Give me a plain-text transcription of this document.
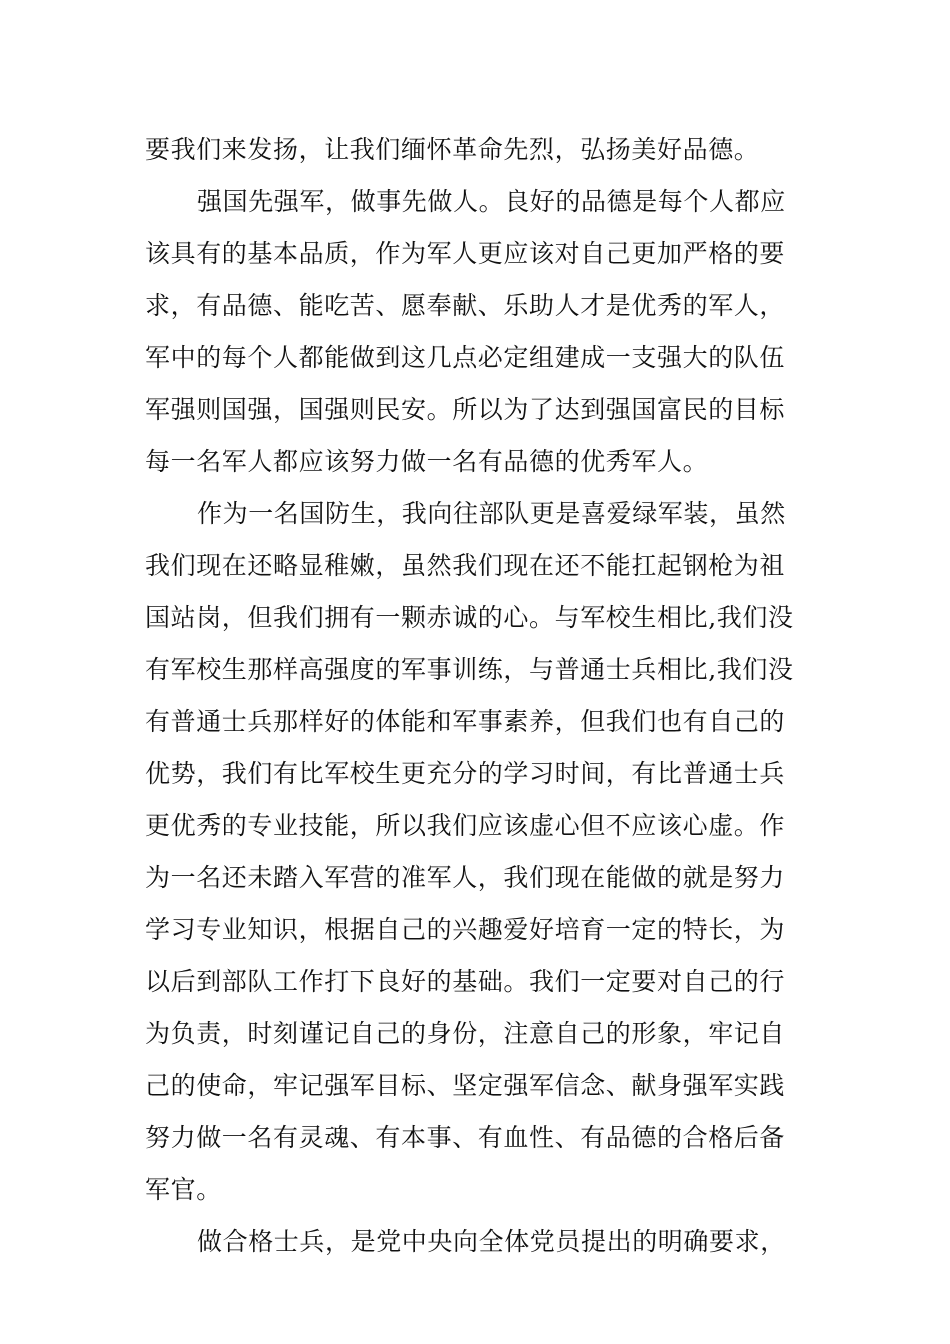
要我们来发扬，让我们缅怀革命先烈，弘扬美好品德。
强国先强军，做事先做人。良好的品德是每个人都应
该具有的基本品质，作为军人更应该对自己更加严格的要
求，有品德、能吃苦、愿奉献、乐助人才是优秀的军人，
军中的每个人都能做到这几点必定组建成一支强大的队伍
军强则国强，国强则民安。所以为了达到强国富民的目标
每一名军人都应该努力做一名有品德的优秀军人。
作为一名国防生，我向往部队更是喜爱绿军装，虽然
我们现在还略显稚嫩，虽然我们现在还不能扛起钢枪为祖
国站岗，但我们拥有一颗赤诚的心。与军校生相比,我们没
有军校生那样高强度的军事训练，与普通士兵相比,我们没
有普通士兵那样好的体能和军事素养，但我们也有自己的
优势，我们有比军校生更充分的学习时间，有比普通士兵
更优秀的专业技能，所以我们应该虚心但不应该心虚。作
为一名还未踏入军营的准军人，我们现在能做的就是努力
学习专业知识，根据自己的兴趣爱好培育一定的特长，为
以后到部队工作打下良好的基础。我们一定要对自己的行
为负责，时刻谨记自己的身份，注意自己的形象，牢记自
己的使命，牢记强军目标、坚定强军信念、献身强军实践
努力做一名有灵魂、有本事、有血性、有品德的合格后备
军官。
做合格士兵，是党中央向全体党员提出的明确要求，
